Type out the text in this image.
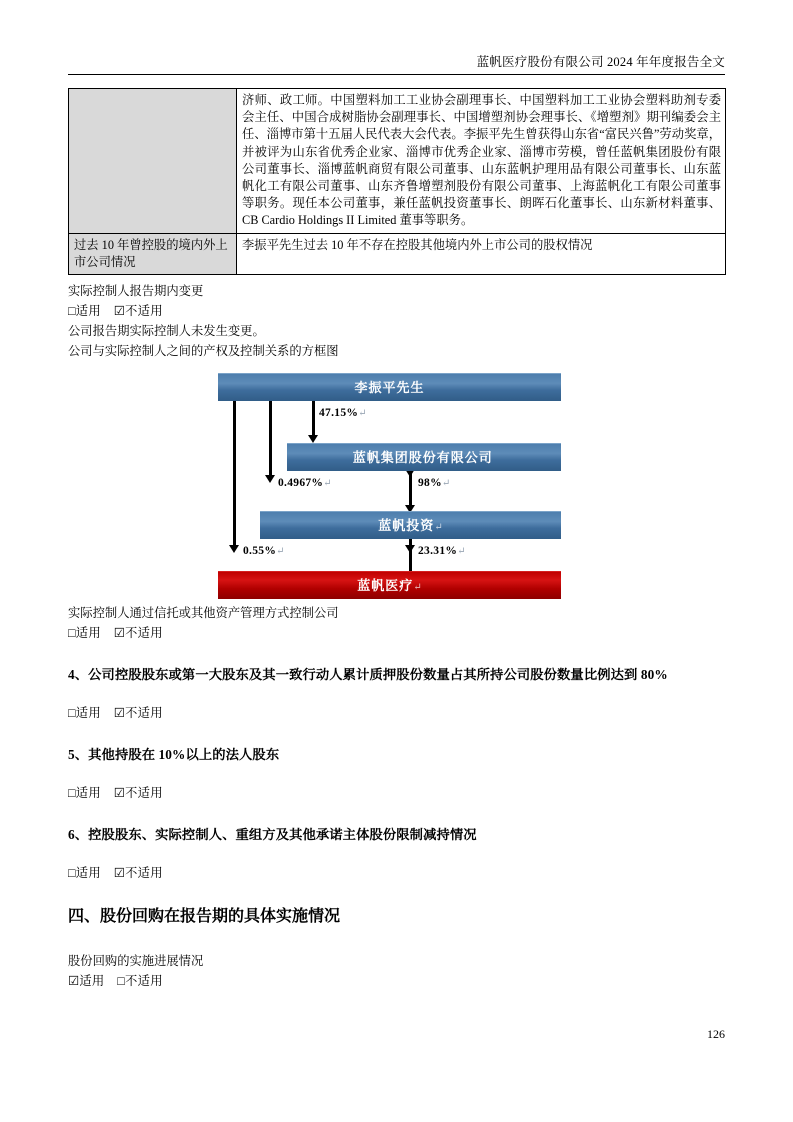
蓝帆医疗股份有限公司 2024 年年度报告全文
	济师、政工师。中国塑料加工工业协会副理事长、中国塑料加工工业协会塑料助剂专委会主任、中国合成树脂协会副理事长、中国增塑剂协会理事长、《增塑剂》期刊编委会主任、淄博市第十五届人民代表大会代表。李振平先生曾获得山东省“富民兴鲁”劳动奖章，并被评为山东省优秀企业家、淄博市优秀企业家、淄博市劳模，曾任蓝帆集团股份有限公司董事长、淄博蓝帆商贸有限公司董事、山东蓝帆护理用品有限公司董事长、山东蓝帆化工有限公司董事、山东齐鲁增塑剂股份有限公司董事、上海蓝帆化工有限公司董事等职务。现任本公司董事，兼任蓝帆投资董事长、朗晖石化董事长、山东新材料董事、CB Cardio Holdings II Limited 董事等职务。
过去 10 年曾控股的境内外上市公司情况	李振平先生过去 10 年不存在控股其他境内外上市公司的股权情况

实际控制人报告期内变更

□适用 ☑不适用

公司报告期实际控制人未发生变更。

公司与实际控制人之间的产权及控制关系的方框图

李振平先生
蓝帆集团股份有限公司
蓝帆投资↵
蓝帆医疗↵
47.15%↵
0.4967%↵
0.55%↵
98%↵
23.31%↵

实际控制人通过信托或其他资产管理方式控制公司

□适用 ☑不适用
4、公司控股股东或第一大股东及其一致行动人累计质押股份数量占其所持公司股份数量比例达到 80%
□适用 ☑不适用
5、其他持股在 10%以上的法人股东
□适用 ☑不适用
6、控股股东、实际控制人、重组方及其他承诺主体股份限制减持情况
□适用 ☑不适用
四、股份回购在报告期的具体实施情况

股份回购的实施进展情况

☑适用 □不适用
126
